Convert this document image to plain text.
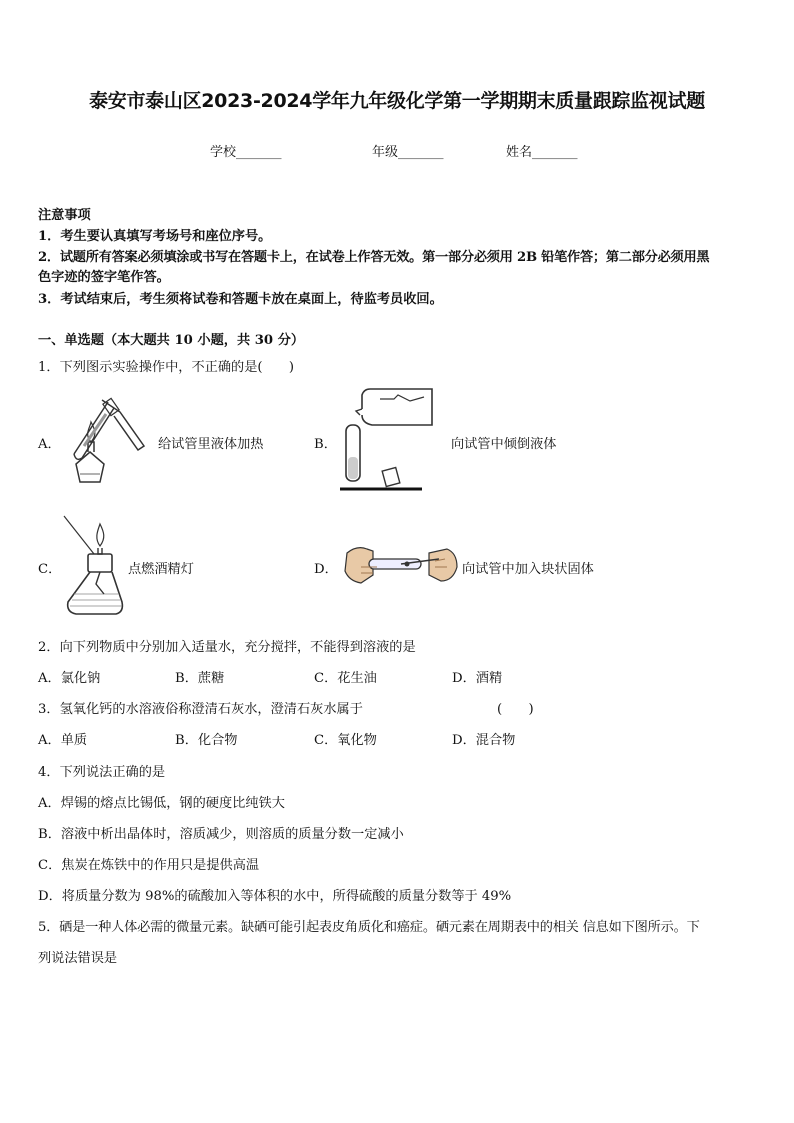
泰安市泰山区2023-2024学年九年级化学第一学期期末质量跟踪监视试题
学校_______	年级_______	姓名_______
注意事项
1．考生要认真填写考场号和座位序号。
2．试题所有答案必须填涂或书写在答题卡上，在试卷上作答无效。第一部分必须用 2B 铅笔作答；第二部分必须用黑
色字迹的签字笔作答。
3．考试结束后，考生须将试卷和答题卡放在桌面上，待监考员收回。
一、单选题（本大题共 10 小题，共 30 分）
1．下列图示实验操作中，不正确的是(　　)
A．	给试管里液体加热	B．	向试管中倾倒液体
C．	点燃酒精灯	D．	向试管中加入块状固体
2．向下列物质中分别加入适量水，充分搅拌，不能得到溶液的是
A．氯化钠	B．蔗糖	C．花生油	D．酒精
3．氢氧化钙的水溶液俗称澄清石灰水，澄清石灰水属于	(　　)
A．单质	B．化合物	C．氧化物	D．混合物
4．下列说法正确的是
A．焊锡的熔点比锡低，钢的硬度比纯铁大
B．溶液中析出晶体时，溶质减少，则溶质的质量分数一定减小
C．焦炭在炼铁中的作用只是提供高温
D．将质量分数为 98%的硫酸加入等体积的水中，所得硫酸的质量分数等于 49%
5．硒是一种人体必需的微量元素。缺硒可能引起表皮角质化和癌症。硒元素在周期表中的相关 信息如下图所示。下
列说法错误是
